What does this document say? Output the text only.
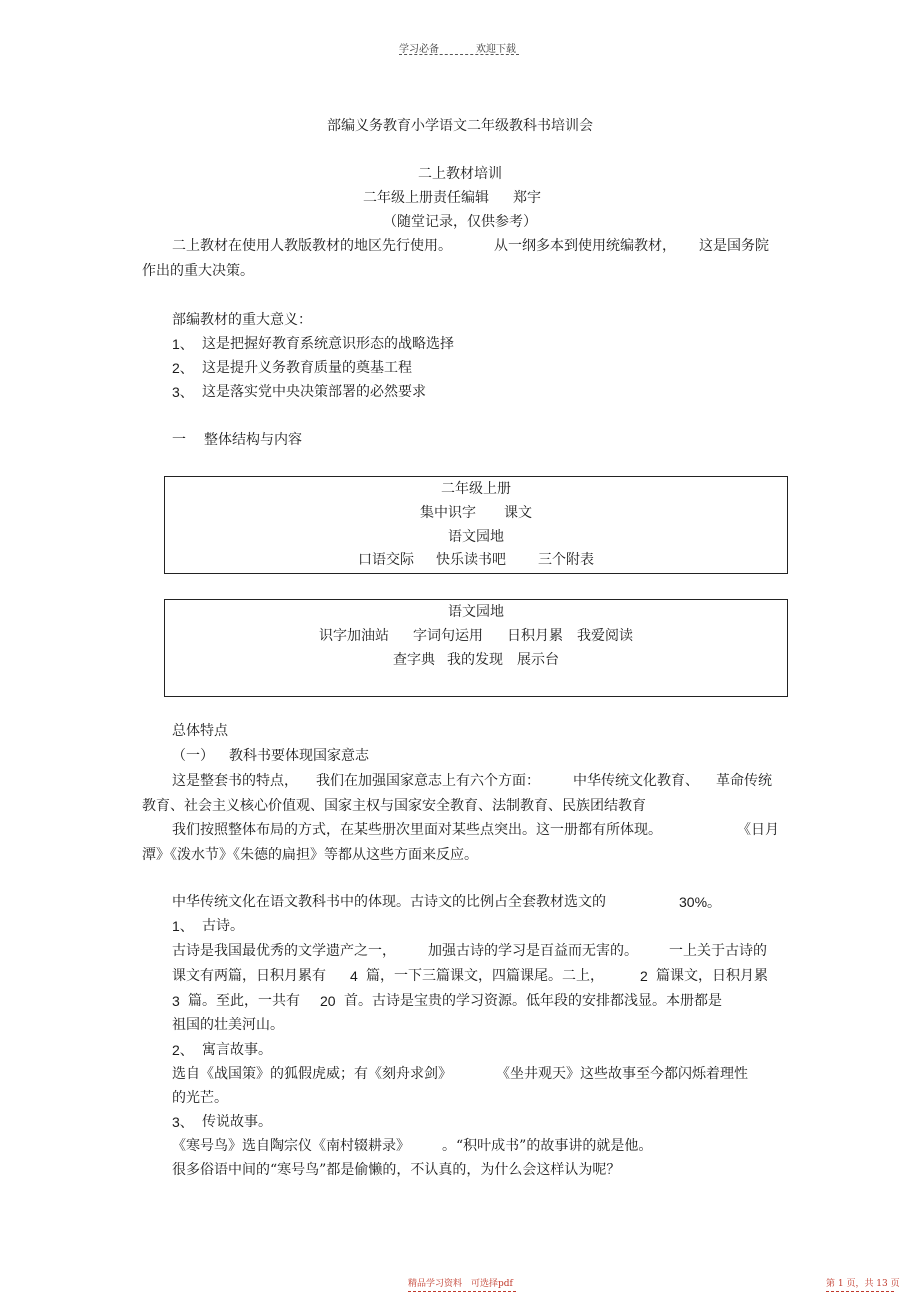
学习必备	欢迎下载
部编义务教育小学语文二年级教科书培训会
二上教材培训
二年级上册责任编辑 郑宇
（随堂记录，仅供参考）
二上教材在使用人教版教材的地区先行使用。	从一纲多本到使用统编教材， 这是国务院
作出的重大决策。
部编教材的重大意义：
1、 这是把握好教育系统意识形态的战略选择
2、 这是提升义务教育质量的奠基工程
3、 这是落实党中央决策部署的必然要求
一 整体结构与内容
二年级上册
集中识字 课文
语文园地
口语交际 快乐读书吧 三个附表
语文园地
识字加油站 字词句运用 日积月累 我爱阅读
查字典 我的发现 展示台
总体特点
（一） 教科书要体现国家意志
这是整套书的特点， 我们在加强国家意志上有六个方面： 中华传统文化教育、 革命传统
教育、社会主义核心价值观、国家主权与国家安全教育、法制教育、民族团结教育
我们按照整体布局的方式，在某些册次里面对某些点突出。这一册都有所体现。	《日月
潭》《泼水节》《朱德的扁担》等都从这些方面来反应。
中华传统文化在语文教科书中的体现。古诗文的比例占全套教材选文的	30%。
1、 古诗。
古诗是我国最优秀的文学遗产之一， 加强古诗的学习是百益而无害的。 一上关于古诗的
课文有两篇，日积月累有 4 篇，一下三篇课文，四篇课尾。二上，	2 篇课文，日积月累
3 篇。至此，一共有 20 首。古诗是宝贵的学习资源。低年段的安排都浅显。本册都是
祖国的壮美河山。
2、 寓言故事。
选自《战国策》的狐假虎威；有《刻舟求剑》	《坐井观天》这些故事至今都闪烁着理性
的光芒。
3、 传说故事。
《寒号鸟》选自陶宗仪《南村辍耕录》 。“积叶成书”的故事讲的就是他。
很多俗语中间的“寒号鸟”都是偷懒的，不认真的，为什么会这样认为呢？
精品学习资料　可选择pdf	第 1 页，共 13 页
